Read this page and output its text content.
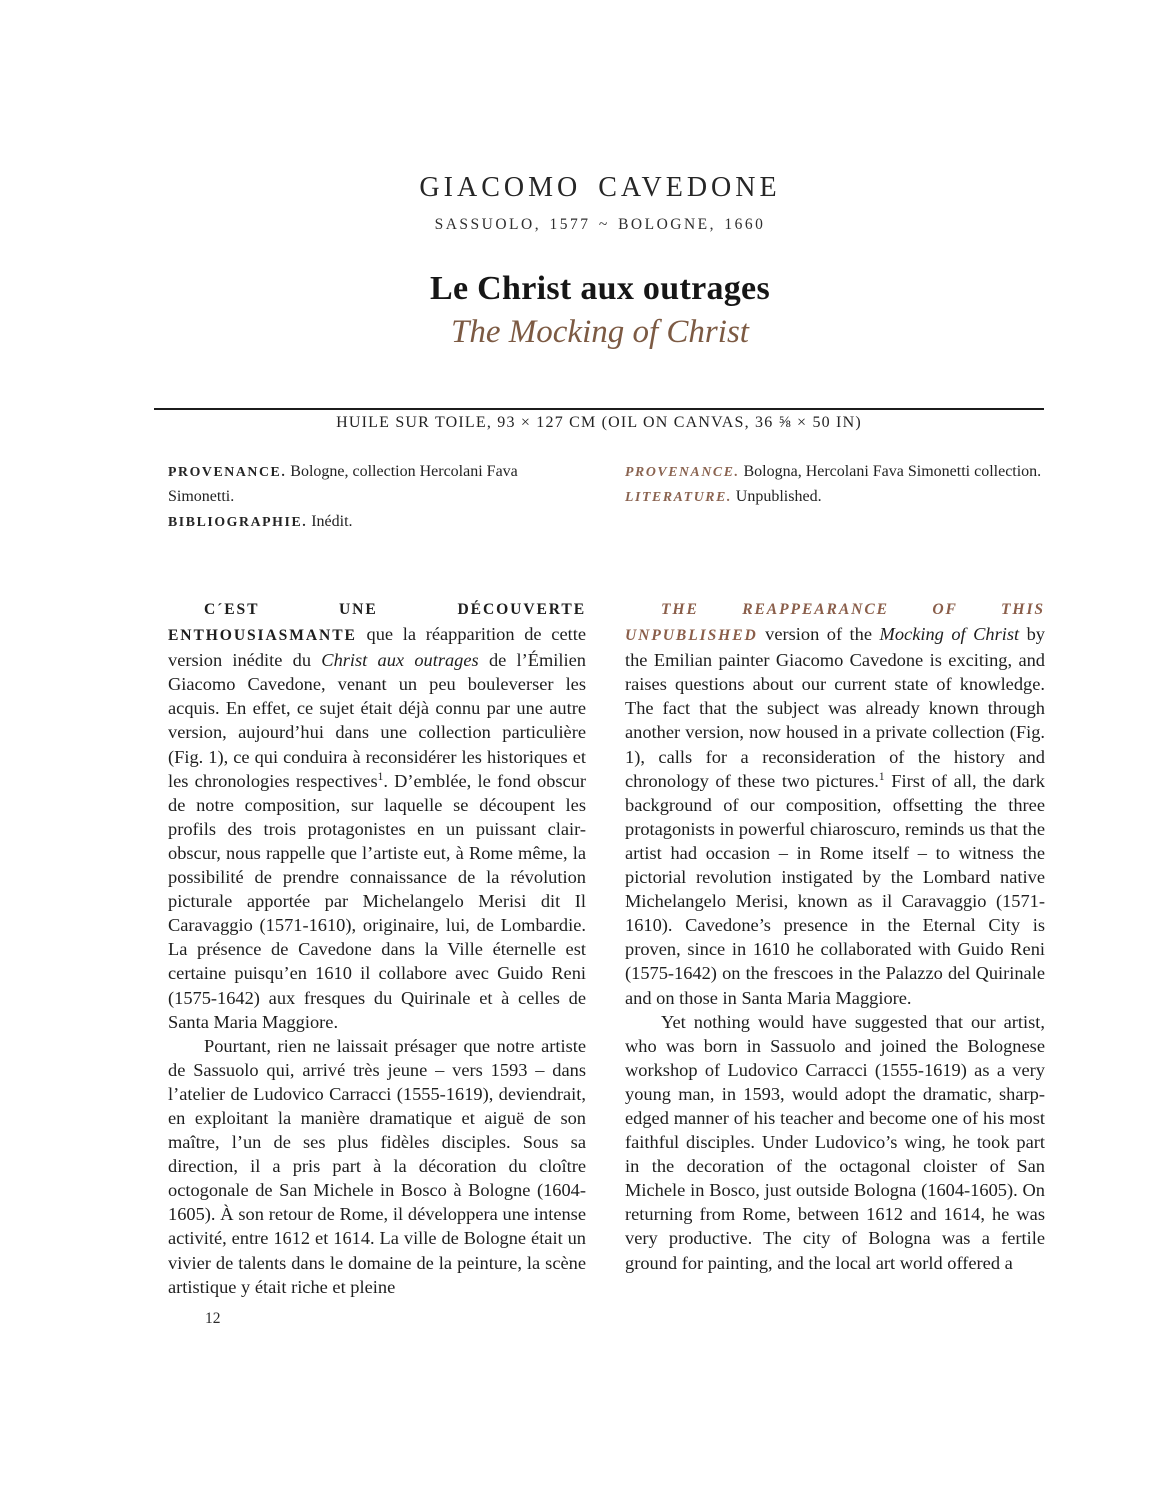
GIACOMO CAVEDONE
SASSUOLO, 1577 ~ BOLOGNE, 1660
Le Christ aux outrages
The Mocking of Christ
HUILE SUR TOILE, 93 × 127 CM (OIL ON CANVAS, 36 ⅝ × 50 IN)

PROVENANCE. Bologne, collection Hercolani Fava Simonetti.

BIBLIOGRAPHIE. Inédit.

PROVENANCE. Bologna, Hercolani Fava Simonetti collection.

LITERATURE. Unpublished.

C´EST UNE DÉCOUVERTE ENTHOUSIASMANTE que la réapparition de cette version inédite du Christ aux outrages de l’Émilien Giacomo Cavedone, venant un peu bouleverser les acquis. En effet, ce sujet était déjà connu par une autre version, aujourd’hui dans une collection particulière (Fig. 1), ce qui conduira à reconsidérer les historiques et les chronologies respectives$^1$. D’emblée, le fond obscur de notre composition, sur laquelle se découpent les profils des trois protagonistes en un puissant clair-obscur, nous rappelle que l’artiste eut, à Rome même, la possibilité de prendre connaissance de la révolution picturale apportée par Michelangelo Merisi dit Il Caravaggio (1571-1610), originaire, lui, de Lombardie. La présence de Cavedone dans la Ville éternelle est certaine puisqu’en 1610 il collabore avec Guido Reni (1575-1642) aux fresques du Quirinale et à celles de Santa Maria Maggiore.

Pourtant, rien ne laissait présager que notre artiste de Sassuolo qui, arrivé très jeune – vers 1593 – dans l’atelier de Ludovico Carracci (1555-1619), deviendrait, en exploitant la manière dramatique et aiguë de son maître, l’un de ses plus fidèles disciples. Sous sa direction, il a pris part à la décoration du cloître octogonale de San Michele in Bosco à Bologne (1604-1605). À son retour de Rome, il développera une intense activité, entre 1612 et 1614. La ville de Bologne était un vivier de talents dans le domaine de la peinture, la scène artistique y était riche et pleine

THE REAPPEARANCE OF THIS UNPUBLISHED version of the Mocking of Christ by the Emilian painter Giacomo Cavedone is exciting, and raises questions about our current state of knowledge. The fact that the subject was already known through another version, now housed in a private collection (Fig. 1), calls for a reconsideration of the history and chronology of these two pictures.$^1$ First of all, the dark background of our composition, offsetting the three protagonists in powerful chiaroscuro, reminds us that the artist had occasion – in Rome itself – to witness the pictorial revolution instigated by the Lombard native Michelangelo Merisi, known as il Caravaggio (1571-1610). Cavedone’s presence in the Eternal City is proven, since in 1610 he collaborated with Guido Reni (1575-1642) on the frescoes in the Palazzo del Quirinale and on those in Santa Maria Maggiore.

Yet nothing would have suggested that our artist, who was born in Sassuolo and joined the Bolognese workshop of Ludovico Carracci (1555-1619) as a very young man, in 1593, would adopt the dramatic, sharp-edged manner of his teacher and become one of his most faithful disciples. Under Ludovico’s wing, he took part in the decoration of the octagonal cloister of San Michele in Bosco, just outside Bologna (1604-1605). On returning from Rome, between 1612 and 1614, he was very productive. The city of Bologna was a fertile ground for painting, and the local art world offered a

12
